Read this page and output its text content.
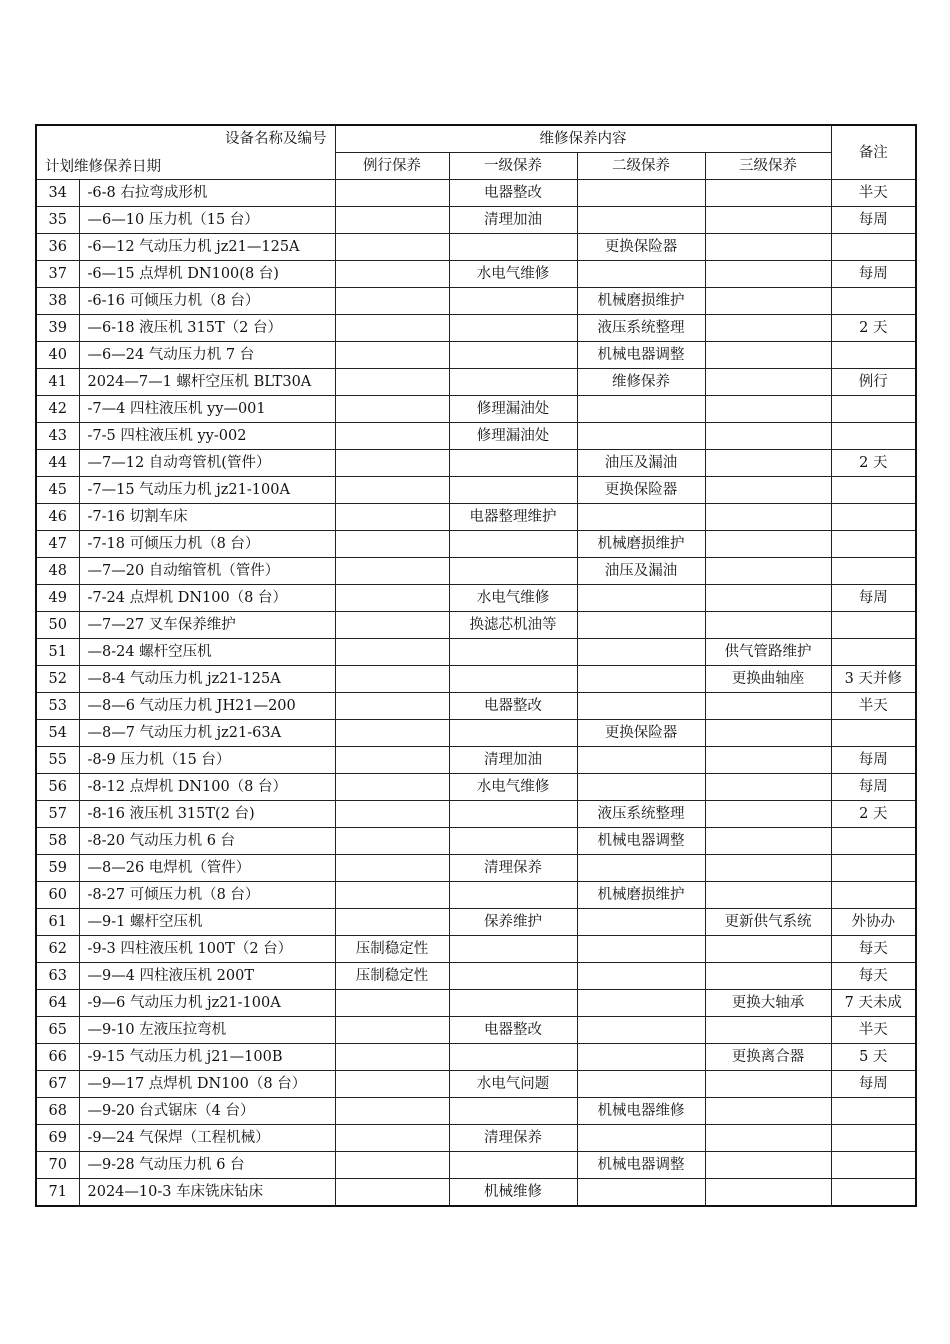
设备名称及编号
计划维修保养日期		维修保养内容				备注
		例行保养	一级保养	二级保养	三级保养	
34	-6-8 右拉弯成形机		电器整改			半天
35	—6—10 压力机（15 台）		清理加油			每周
36	-6—12 气动压力机 jz21—125A			更换保险器		
37	-6—15 点焊机 DN100(8 台)		水电气维修			每周
38	-6-16 可倾压力机（8 台）			机械磨损维护		
39	—6-18 液压机 315T（2 台）			液压系统整理		2 天
40	—6—24 气动压力机 7 台			机械电器调整		
41	2024—7—1 螺杆空压机 BLT30A			维修保养		例行
42	-7—4 四柱液压机 yy—001		修理漏油处			
43	-7-5 四柱液压机 yy-002		修理漏油处			
44	—7—12 自动弯管机(管件）			油压及漏油		2 天
45	-7—15 气动压力机 jz21-100A			更换保险器		
46	-7-16 切割车床		电器整理维护			
47	-7-18 可倾压力机（8 台）			机械磨损维护		
48	—7—20 自动缩管机（管件）			油压及漏油		
49	-7-24 点焊机 DN100（8 台）		水电气维修			每周
50	—7—27 叉车保养维护		换滤芯机油等			
51	—8-24 螺杆空压机				供气管路维护	
52	—8-4 气动压力机 jz21-125A				更换曲轴座	3 天并修
53	—8—6 气动压力机 JH21—200		电器整改			半天
54	—8—7 气动压力机 jz21-63A			更换保险器		
55	-8-9 压力机（15 台）		清理加油			每周
56	-8-12 点焊机 DN100（8 台）		水电气维修			每周
57	-8-16 液压机 315T(2 台)			液压系统整理		2 天
58	-8-20 气动压力机 6 台			机械电器调整		
59	—8—26 电焊机（管件）		清理保养			
60	-8-27 可倾压力机（8 台）			机械磨损维护		
61	—9-1 螺杆空压机		保养维护		更新供气系统	外协办
62	-9-3 四柱液压机 100T（2 台）	压制稳定性				每天
63	—9—4 四柱液压机 200T	压制稳定性				每天
64	-9—6 气动压力机 jz21-100A				更换大轴承	7 天未成
65	—9-10 左液压拉弯机		电器整改			半天
66	-9-15 气动压力机 j21—100B				更换离合器	5 天
67	—9—17 点焊机 DN100（8 台）		水电气问题			每周
68	—9-20 台式锯床（4 台）			机械电器维修		
69	-9—24 气保焊（工程机械）		清理保养			
70	—9-28 气动压力机 6 台			机械电器调整		
71	2024—10-3 车床铣床钻床		机械维修			
